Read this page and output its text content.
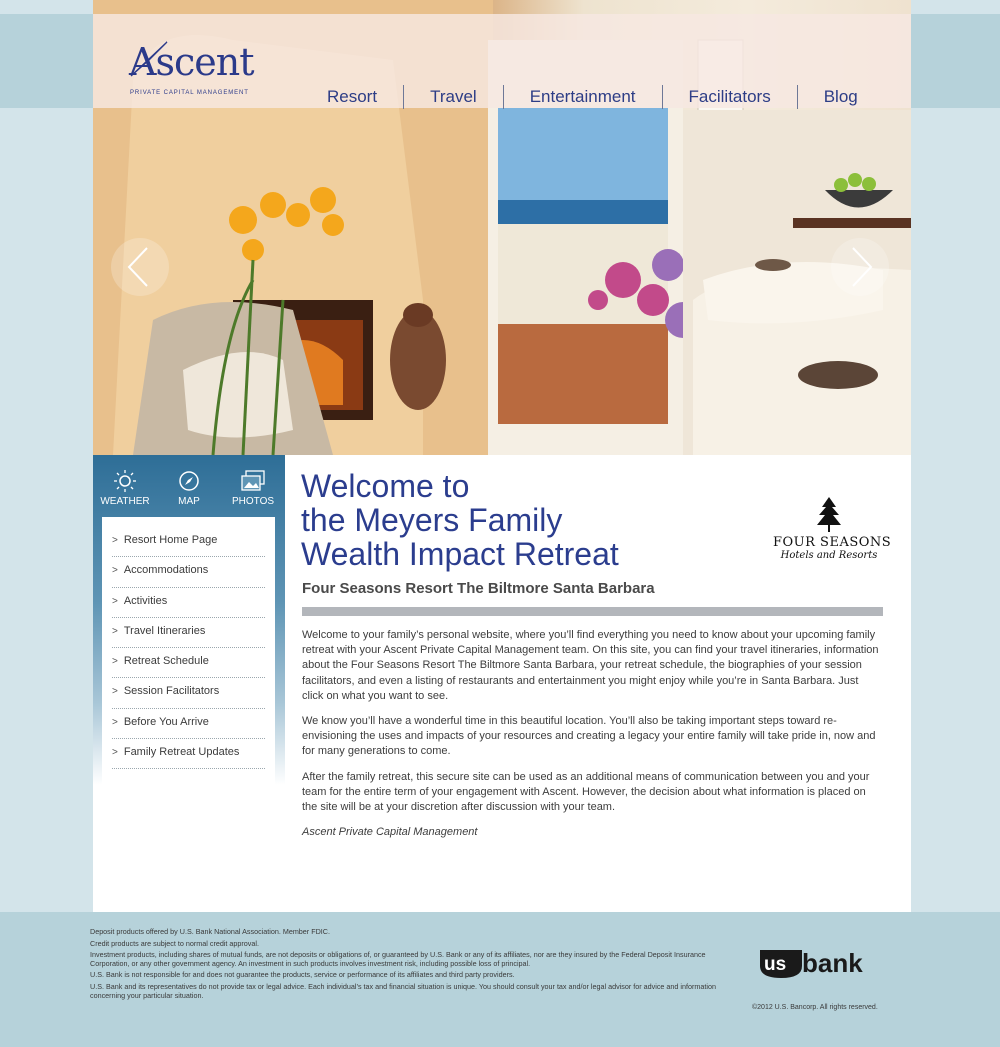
Ascent
PRIVATE CAPITAL MANAGEMENT	Resort	Travel	Entertainment	Facilitators	Blog
WEATHER	MAP	PHOTOS
> Resort Home Page
> Accommodations
> Activities
> Travel Itineraries
> Retreat Schedule
> Session Facilitators
> Before You Arrive
> Family Retreat Updates
Welcome to
the Meyers Family
Wealth Impact Retreat	FOUR SEASONS
Hotels and Resorts
Four Seasons Resort The Biltmore Santa Barbara

Welcome to your family’s personal website, where you’ll find everything you need to know about your upcoming family retreat with your Ascent Private Capital Management team. On this site, you can find your travel itineraries, information about the Four Seasons Resort The Biltmore Santa Barbara, your retreat schedule, the biographies of your session facilitators, and even a listing of restaurants and entertainment you might enjoy while you’re in Santa Barbara. Just click on what you want to see.

We know you’ll have a wonderful time in this beautiful location. You’ll also be taking important steps toward re-envisioning the uses and impacts of your resources and creating a legacy your entire family will take pride in, now and for many generations to come.

After the family retreat, this secure site can be used as an additional means of communication between you and your team for the entire term of your engagement with Ascent. However, the decision about what information is placed on the site will be at your discretion after discussion with your team.

Ascent Private Capital Management

Deposit products offered by U.S. Bank National Association. Member FDIC.

Credit products are subject to normal credit approval.

Investment products, including shares of mutual funds, are not deposits or obligations of, or guaranteed by U.S. Bank or any of its affiliates, nor are they insured by the Federal Deposit Insurance Corporation, or any other government agency. An investment in such products involves investment risk, including possible loss of principal.

U.S. Bank is not responsible for and does not guarantee the products, service or performance of its affiliates and third party providers.

U.S. Bank and its representatives do not provide tax or legal advice. Each individual’s tax and financial situation is unique. You should consult your tax and/or legal advisor for advice and information concerning your particular situation.

us bank
©2012 U.S. Bancorp. All rights reserved.
